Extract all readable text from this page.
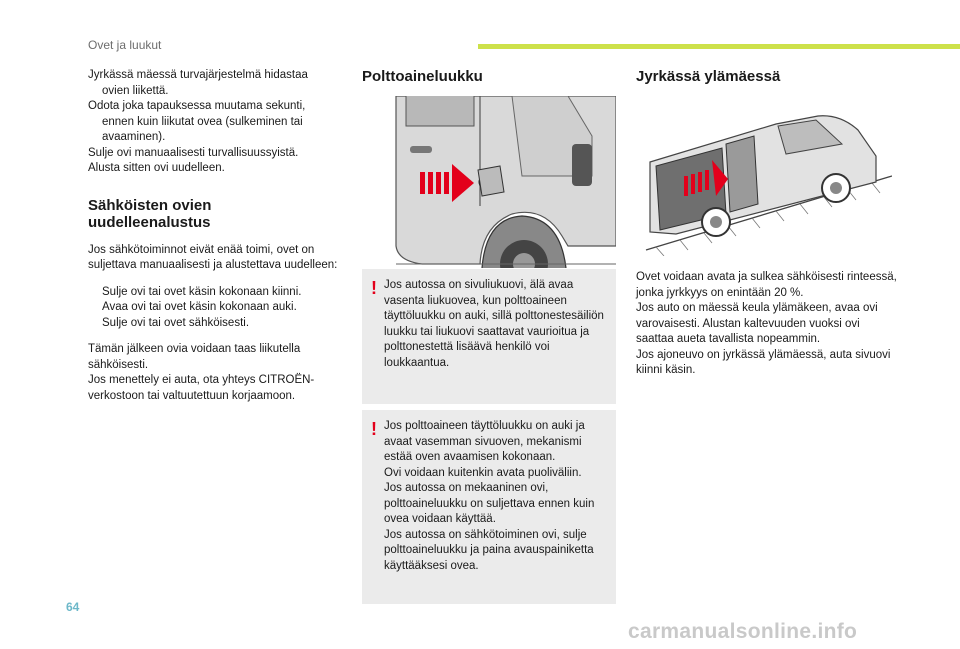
Ovet ja luukut

Jyrkässä mäessä turvajärjestelmä hidastaa ovien liikettä.

Odota joka tapauksessa muutama sekunti, ennen kuin liikutat ovea (sulkeminen tai avaaminen).

Sulje ovi manuaalisesti turvallisuussyistä.

Alusta sitten ovi uudelleen.

Sähköisten ovien uudelleenalustus

Jos sähkötoiminnot eivät enää toimi, ovet on suljettava manuaalisesti ja alustettava uudelleen:

Sulje ovi tai ovet käsin kokonaan kiinni.
Avaa ovi tai ovet käsin kokonaan auki.
Sulje ovi tai ovet sähköisesti.

Tämän jälkeen ovia voidaan taas liikutella sähköisesti.

Jos menettely ei auta, ota yhteys CITROËN-verkostoon tai valtuutettuun korjaamoon.

Polttoaineluukku
! Jos autossa on sivuliukuovi, älä avaa vasenta liukuovea, kun polttoaineen täyttöluukku on auki, sillä polttonestesäiliön luukku tai liukuovi saattavat vaurioitua ja polttonestettä lisäävä henkilö voi loukkaantua.

! Jos polttoaineen täyttöluukku on auki ja avaat vasemman sivuoven, mekanismi estää oven avaamisen kokonaan.

Ovi voidaan kuitenkin avata puoliväliin.

Jos autossa on mekaaninen ovi, polttoaineluukku on suljettava ennen kuin ovea voidaan käyttää.

Jos autossa on sähkötoiminen ovi, sulje polttoaineluukku ja paina avauspainiketta käyttääksesi ovea.

Jyrkässä ylämäessä

Ovet voidaan avata ja sulkea sähköisesti rinteessä, jonka jyrkkyys on enintään 20 %.

Jos auto on mäessä keula ylämäkeen, avaa ovi varovaisesti. Alustan kaltevuuden vuoksi ovi saattaa aueta tavallista nopeammin.

Jos ajoneuvo on jyrkässä ylämäessä, auta sivuovi kiinni käsin.

64
carmanualsonline.info
